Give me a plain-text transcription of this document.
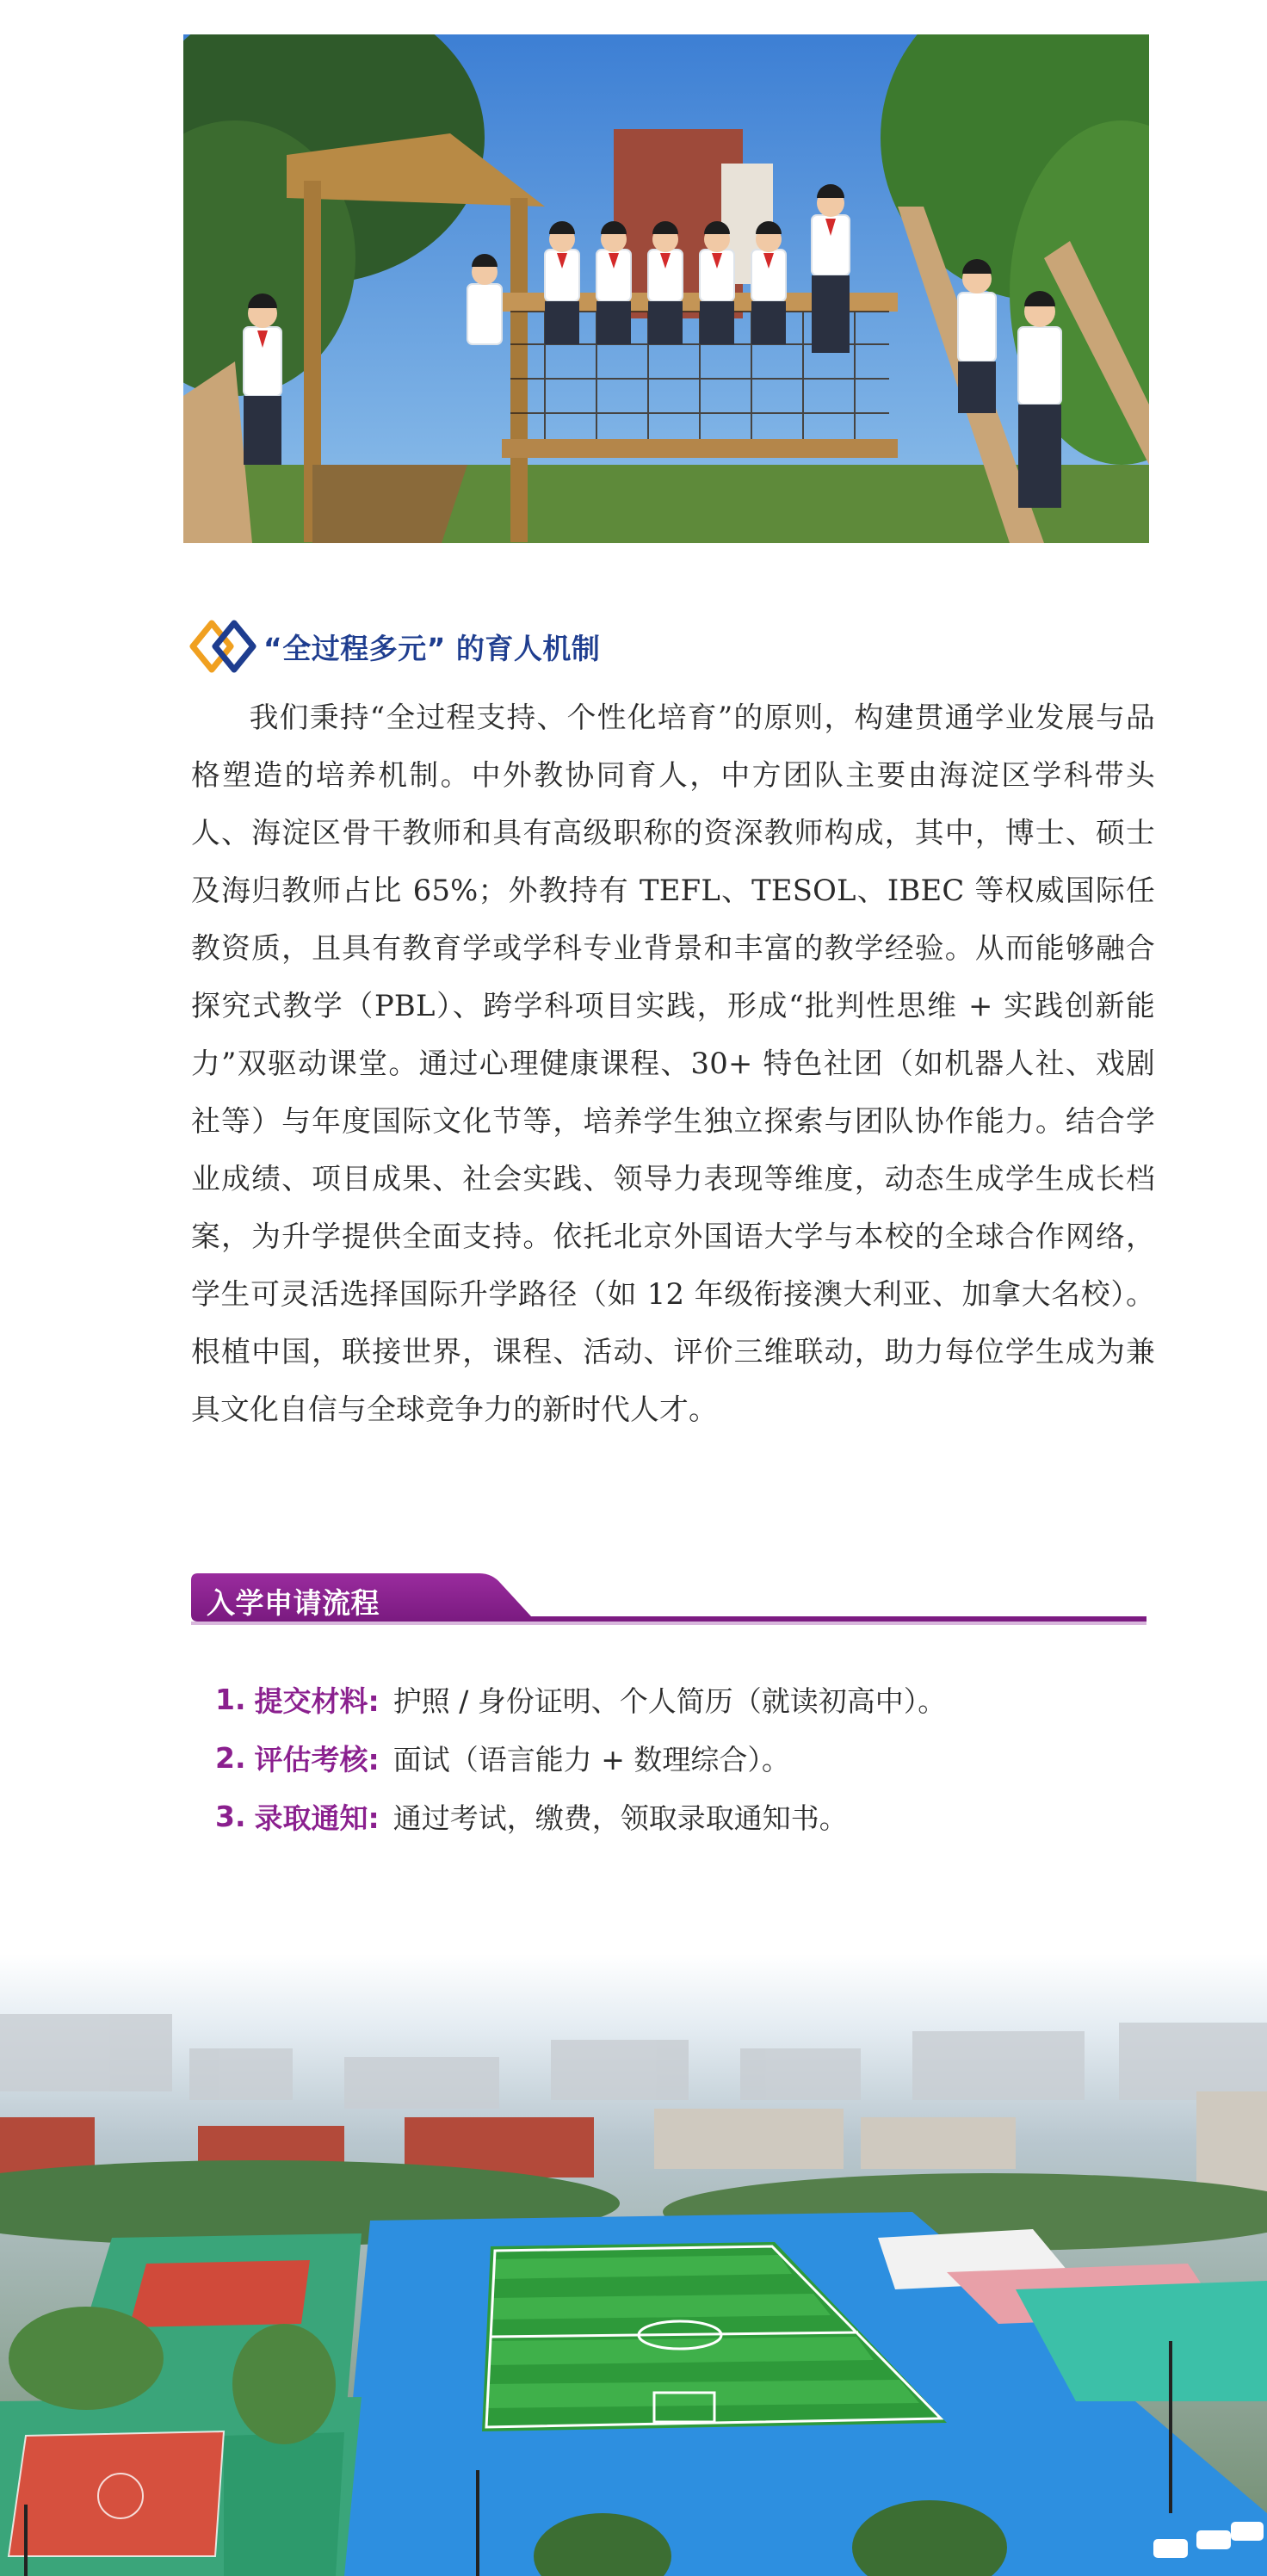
“全过程多元” 的育人机制

我们秉持“全过程支持、个性化培育”的原则，构建贯通学业发展与品格塑造的培养机制。中外教协同育人，中方团队主要由海淀区学科带头人、海淀区骨干教师和具有高级职称的资深教师构成，其中，博士、硕士及海归教师占比 65%；外教持有 TEFL、TESOL、IBEC 等权威国际任教资质，且具有教育学或学科专业背景和丰富的教学经验。从而能够融合探究式教学（PBL）、跨学科项目实践，形成“批判性思维 + 实践创新能力”双驱动课堂。通过心理健康课程、30+ 特色社团（如机器人社、戏剧社等）与年度国际文化节等，培养学生独立探索与团队协作能力。结合学业成绩、项目成果、社会实践、领导力表现等维度，动态生成学生成长档案，为升学提供全面支持。依托北京外国语大学与本校的全球合作网络，学生可灵活选择国际升学路径（如 12 年级衔接澳大利亚、加拿大名校）。根植中国，联接世界，课程、活动、评价三维联动，助力每位学生成为兼具文化自信与全球竞争力的新时代人才。

入学申请流程
1. 提交材料: 护照 / 身份证明、个人简历（就读初高中）。
2. 评估考核: 面试（语言能力 + 数理综合）。
3. 录取通知: 通过考试，缴费，领取录取通知书。
